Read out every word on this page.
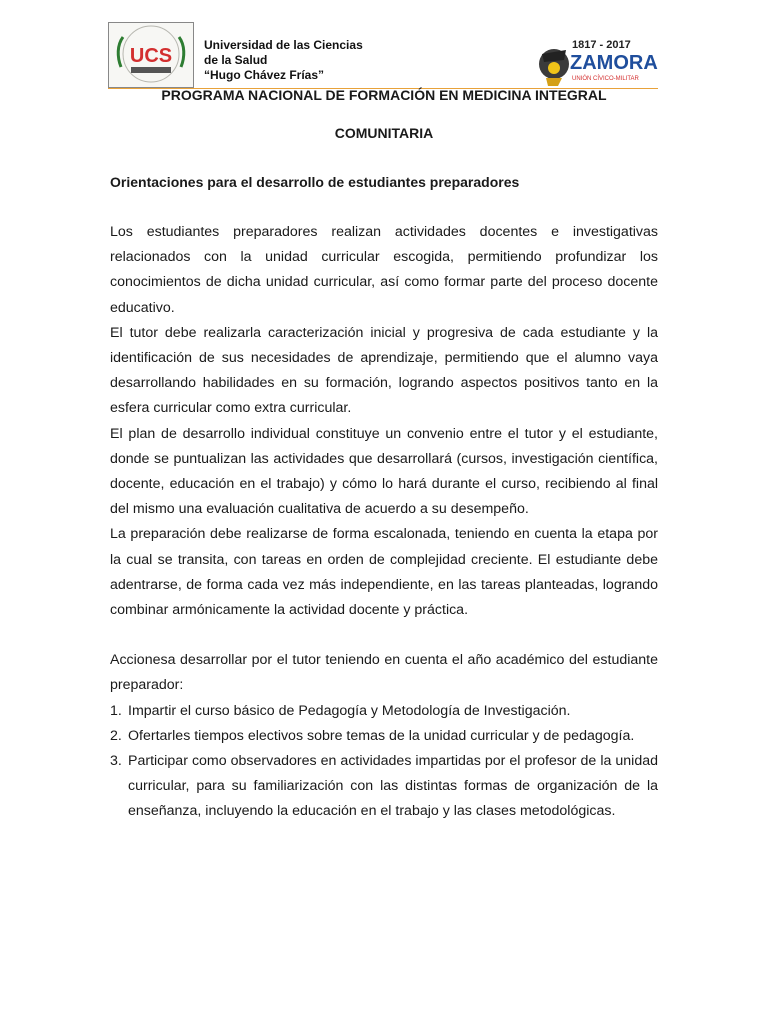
UCS	Universidad de las Ciencias
de la Salud
“Hugo Chávez Frías”
1817 - 2017
ZAMORA
UNIÓN CÍVICO-MILITAR
PROGRAMA NACIONAL DE FORMACIÓN EN MEDICINA INTEGRAL
COMUNITARIA
Orientaciones para el desarrollo de estudiantes preparadores

Los estudiantes preparadores realizan actividades docentes e investigativas relacionados con la unidad curricular escogida, permitiendo profundizar los conocimientos de dicha unidad curricular, así como formar parte del proceso docente educativo.

El tutor debe realizarla caracterización inicial y progresiva de cada estudiante y la identificación de sus necesidades de aprendizaje, permitiendo que el alumno vaya desarrollando habilidades en su formación, logrando aspectos positivos tanto en la esfera curricular como extra curricular.

El plan de desarrollo individual constituye un convenio entre el tutor y el estudiante, donde se puntualizan las actividades que desarrollará (cursos, investigación científica, docente, educación en el trabajo) y cómo lo hará durante el curso, recibiendo al final del mismo una evaluación cualitativa de acuerdo a su desempeño.

La preparación debe realizarse de forma escalonada, teniendo en cuenta la etapa por la cual se transita, con tareas en orden de complejidad creciente. El estudiante debe adentrarse, de forma cada vez más independiente, en las tareas planteadas, logrando combinar armónicamente la actividad docente y práctica.

Accionesa desarrollar por el tutor teniendo en cuenta el año académico del estudiante preparador:

1. Impartir el curso básico de Pedagogía y Metodología de Investigación.
2. Ofertarles tiempos electivos sobre temas de la unidad curricular y de pedagogía.
3. Participar como observadores en actividades impartidas por el profesor de la unidad curricular, para su familiarización con las distintas formas de organización de la enseñanza, incluyendo la educación en el trabajo y las clases metodológicas.
